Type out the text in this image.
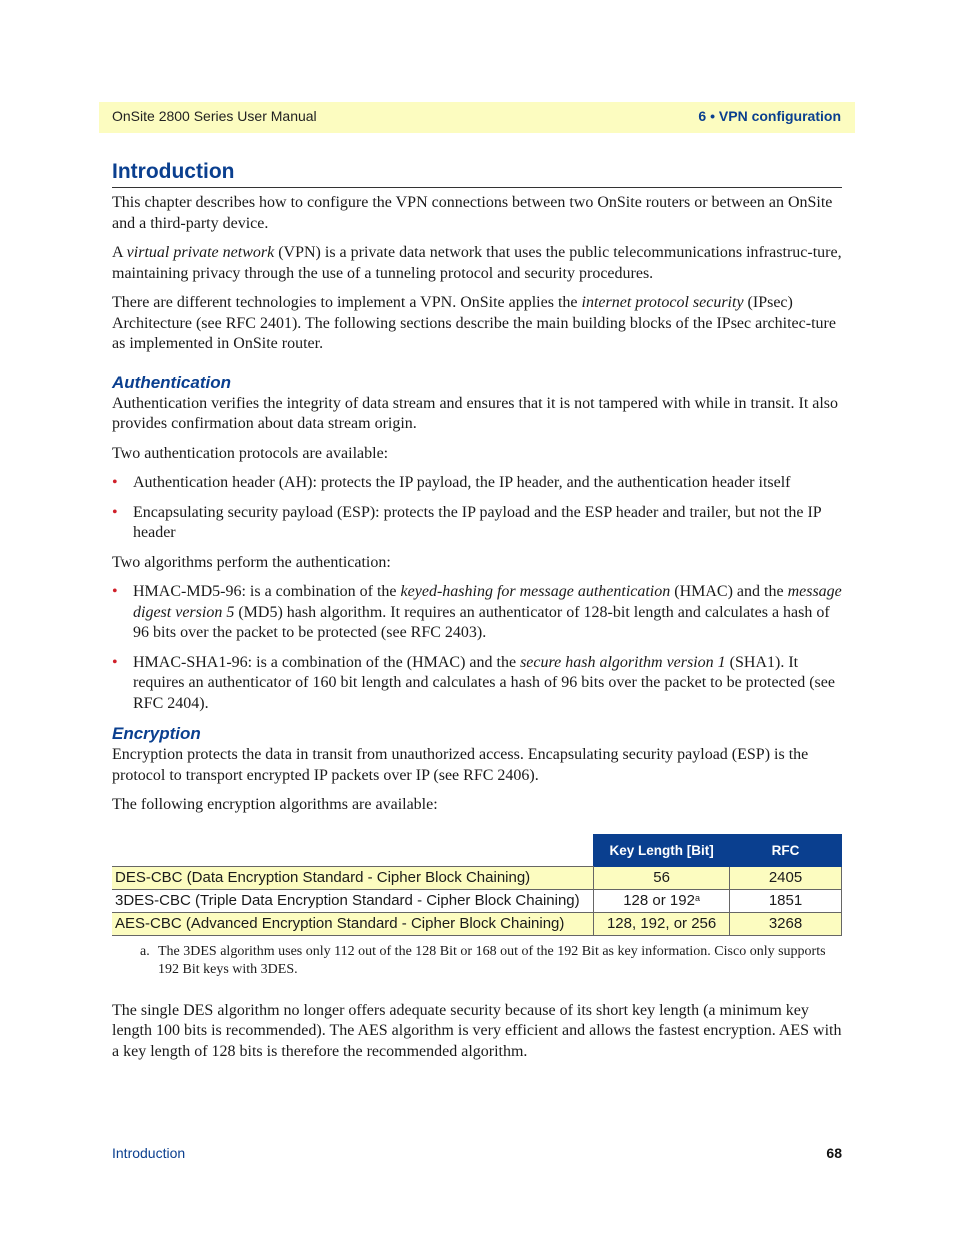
OnSite 2800 Series User Manual	6 • VPN configuration
Introduction

This chapter describes how to configure the VPN connections between two OnSite routers or between an OnSite and a third-party device.

A virtual private network (VPN) is a private data network that uses the public telecommunications infrastruc-ture, maintaining privacy through the use of a tunneling protocol and security procedures.

There are different technologies to implement a VPN. OnSite applies the internet protocol security (IPsec) Architecture (see RFC 2401). The following sections describe the main building blocks of the IPsec architec-ture as implemented in OnSite router.

Authentication

Authentication verifies the integrity of data stream and ensures that it is not tampered with while in transit. It also provides confirmation about data stream origin.

Two authentication protocols are available:

• Authentication header (AH): protects the IP payload, the IP header, and the authentication header itself
• Encapsulating security payload (ESP): protects the IP payload and the ESP header and trailer, but not the IP header

Two algorithms perform the authentication:

• HMAC-MD5-96: is a combination of the keyed-hashing for message authentication (HMAC) and the message digest version 5 (MD5) hash algorithm. It requires an authenticator of 128-bit length and calculates a hash of 96 bits over the packet to be protected (see RFC 2403).
• HMAC-SHA1-96: is a combination of the (HMAC) and the secure hash algorithm version 1 (SHA1). It requires an authenticator of 160 bit length and calculates a hash of 96 bits over the packet to be protected (see RFC 2404).
Encryption

Encryption protects the data in transit from unauthorized access. Encapsulating security payload (ESP) is the protocol to transport encrypted IP packets over IP (see RFC 2406).

The following encryption algorithms are available:

	Key Length [Bit]	RFC
DES-CBC (Data Encryption Standard - Cipher Block Chaining)	56	2405
3DES-CBC (Triple Data Encryption Standard - Cipher Block Chaining)	128 or 192$^a$	1851
AES-CBC (Advanced Encryption Standard - Cipher Block Chaining)	128, 192, or 256	3268
a. The 3DES algorithm uses only 112 out of the 128 Bit or 168 out of the 192 Bit as key information. Cisco only supports 192 Bit keys with 3DES.

The single DES algorithm no longer offers adequate security because of its short key length (a minimum key length 100 bits is recommended). The AES algorithm is very efficient and allows the fastest encryption. AES with a key length of 128 bits is therefore the recommended algorithm.

Introduction	68
